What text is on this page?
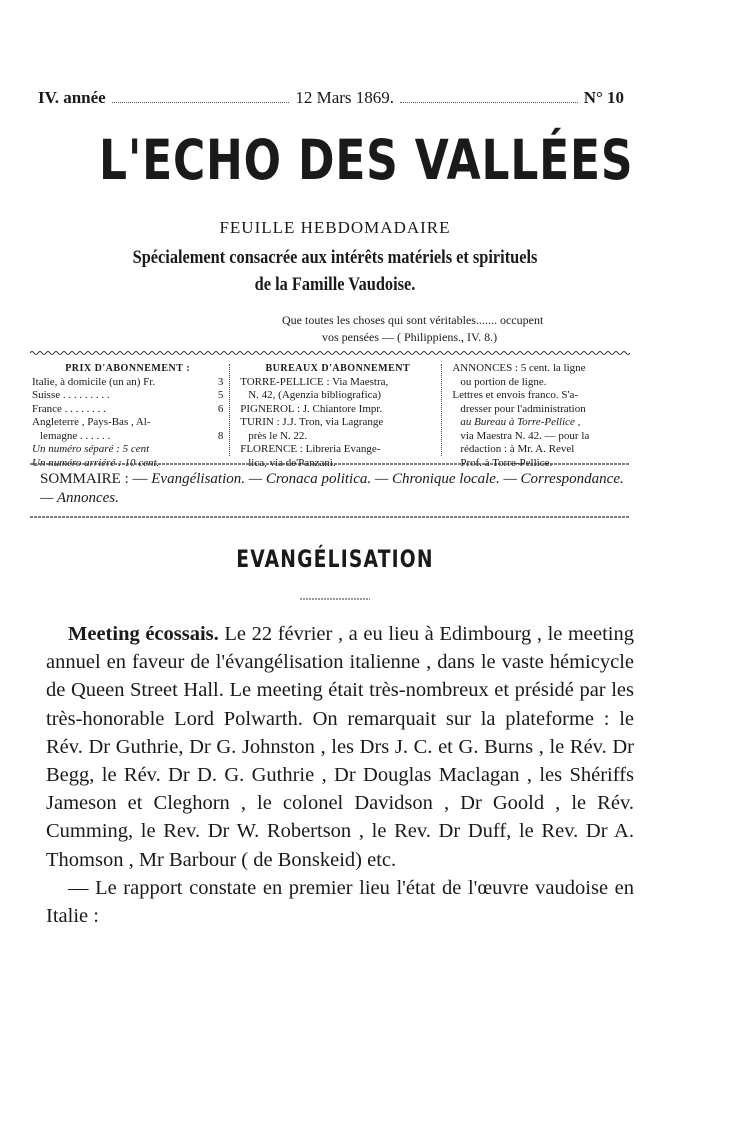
IV. année	12 Mars 1869.	N° 10
L'ECHO DES VALLÉES
FEUILLE HEBDOMADAIRE
Spécialement consacrée aux intérêts matériels et spirituels
de la Famille Vaudoise.
Que toutes les choses qui sont véritables....... occupent
vos pensées — ( Philippiens., IV. 8.)
PRIX D'ABONNEMENT :
Italie, à domicile (un an) Fr.	3
Suisse . . . . . . . . .	5
France . . . . . . . .	6
Angleterre , Pays-Bas , Al-
lemagne . . . . . .	8
Un numéro séparé : 5 cent
Un numéro arriéré : 10 cent.
BUREAUX D'ABONNEMENT
TORRE-PELLICE : Via Maestra,
N. 42, (Agenzia bibliografica)
PIGNEROL : J. Chiantore Impr.
TURIN : J.J. Tron, via Lagrange
près le N. 22.
FLORENCE : Libreria Evange-
lica, via de'Panzani.
ANNONCES : 5 cent. la ligne
ou portion de ligne.
Lettres et envois franco. S'a-
dresser pour l'administration
au Bureau à Torre-Pellice ,
via Maestra N. 42. — pour la
rédaction : à Mr. A. Revel
Prof. à Torre-Pellice.
SOMMAIRE : — Evangélisation. — Cronaca politica. — Chronique locale. — Correspondance. — Annonces.
EVANGÉLISATION

Meeting écossais. Le 22 février , a eu lieu à Edimbourg , le meeting annuel en faveur de l'évangélisation italienne , dans le vaste hémicycle de Queen Street Hall. Le meeting était très-nombreux et présidé par les très-honorable Lord Polwarth. On remarquait sur la plateforme : le Rév. Dr Guthrie, Dr G. Johnston , les Drs J. C. et G. Burns , le Rév. Dr Begg, le Rév. Dr D. G. Guthrie , Dr Douglas Maclagan , les Shériffs Jameson et Cleghorn , le colonel Davidson , Dr Goold , le Rév. Cumming, le Rev. Dr W. Robertson , le Rev. Dr Duff, le Rev. Dr A. Thomson , Mr Barbour ( de Bonskeid) etc.

— Le rapport constate en premier lieu l'état de l'œuvre vaudoise en Italie :
